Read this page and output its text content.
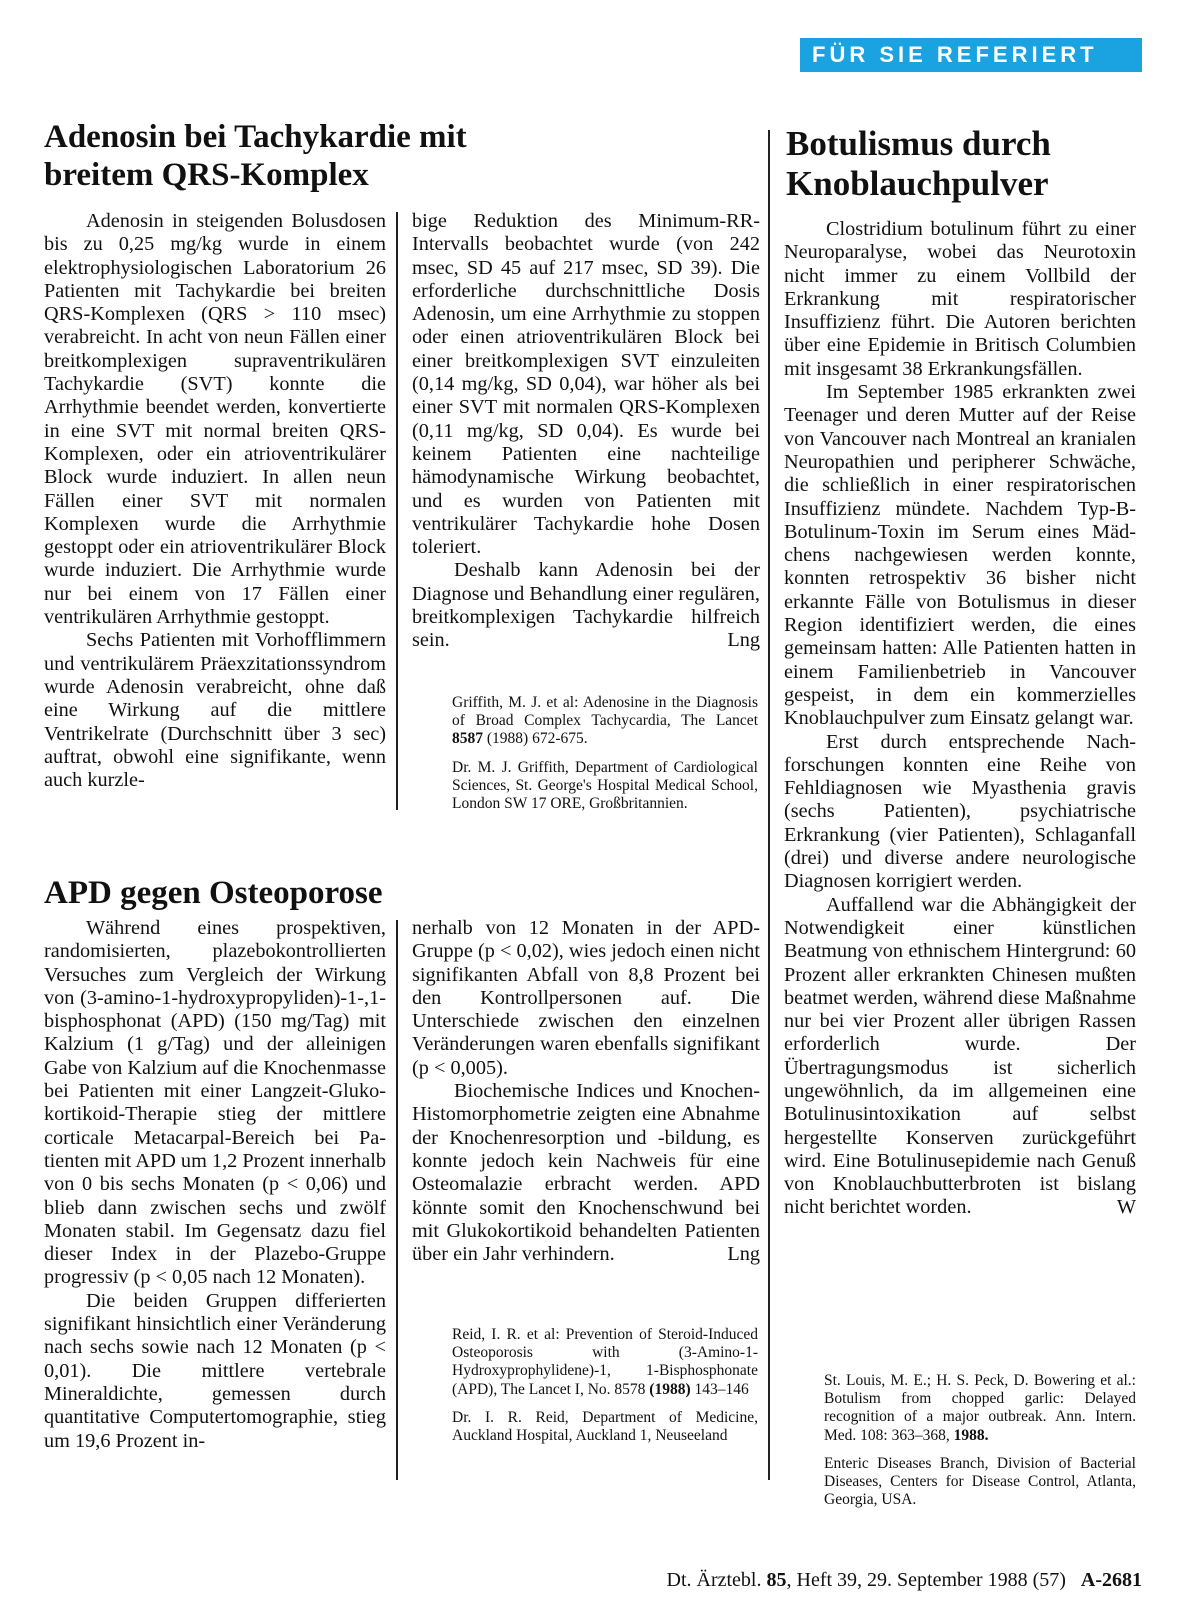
FÜR SIE REFERIERT
Adenosin bei Tachykardie mit
breitem QRS-Komplex

Adenosin in steigenden Bolusdosen bis zu 0,25 mg/kg wurde in einem elektrophysiologischen Laboratorium 26 Patienten mit Tachykardie bei breiten QRS-Komplexen (QRS > 110 msec) verabreicht. In acht von neun Fällen einer breitkomplexigen supraventrikulären Tachykardie (SVT) konnte die Arrhythmie beendet werden, konvertierte in eine SVT mit normal breiten QRS-Komplexen, oder ein atrioventrikulärer Block wurde induziert. In allen neun Fällen einer SVT mit normalen Komplexen wurde die Arrhythmie gestoppt oder ein atrioventrikulärer Block wurde induziert. Die Arrhythmie wurde nur bei einem von 17 Fällen einer ventrikulären Arrhythmie gestoppt.

Sechs Patienten mit Vorhofflimmern und ventrikulärem Präexzitationssyndrom wurde Adenosin verabreicht, ohne daß eine Wirkung auf die mittlere Ventrikelrate (Durchschnitt über 3 sec) auftrat, obwohl eine signifikante, wenn auch kurzle-

bige Reduktion des Minimum-RR-Intervalls beobachtet wurde (von 242 msec, SD 45 auf 217 msec, SD 39). Die erforderliche durchschnittliche Dosis Adenosin, um eine Arrhythmie zu stoppen oder einen atrioventrikulären Block bei einer breitkomplexigen SVT einzuleiten (0,14 mg/kg, SD 0,04), war höher als bei einer SVT mit normalen QRS-Komplexen (0,11 mg/kg, SD 0,04). Es wurde bei keinem Patienten eine nachteilige hämodynamische Wirkung beobachtet, und es wurden von Patienten mit ventrikulärer Tachykardie hohe Dosen toleriert.

Deshalb kann Adenosin bei der Diagnose und Behandlung einer regulären, breitkomplexigen Tachykardie hilfreich sein.	Lng

Griffith, M. J. et al: Adenosine in the Diagnosis of Broad Complex Tachycardia, The Lancet 8587 (1988) 672-675.

Dr. M. J. Griffith, Department of Cardiological Sciences, St. George's Hospital Medical School, London SW 17 ORE, Großbritannien.

APD gegen Osteoporose

Während eines prospektiven, randomisierten, plazebokontrollierten Versuches zum Vergleich der Wirkung von (3-amino-1-hydroxypropyliden)-1-,1-bisphosphonat (APD) (150 mg/Tag) mit Kalzium (1 g/Tag) und der alleinigen Gabe von Kalzium auf die Knochenmasse bei Patienten mit einer Langzeit-Glukokortikoid-Therapie stieg der mittlere corticale Metacarpal-Bereich bei Patienten mit APD um 1,2 Prozent innerhalb von 0 bis sechs Monaten (p < 0,06) und blieb dann zwischen sechs und zwölf Monaten stabil. Im Gegensatz dazu fiel dieser Index in der Plazebo-Gruppe progressiv (p < 0,05 nach 12 Monaten).

Die beiden Gruppen differierten signifikant hinsichtlich einer Veränderung nach sechs sowie nach 12 Monaten (p < 0,01). Die mittlere vertebrale Mineraldichte, gemessen durch quantitative Computertomographie, stieg um 19,6 Prozent in-

nerhalb von 12 Monaten in der APD-Gruppe (p < 0,02), wies jedoch einen nicht signifikanten Abfall von 8,8 Prozent bei den Kontrollpersonen auf. Die Unterschiede zwischen den einzelnen Veränderungen waren ebenfalls signifikant (p < 0,005).

Biochemische Indices und Knochen-Histomorphometrie zeigten eine Abnahme der Knochenresorption und -bildung, es konnte jedoch kein Nachweis für eine Osteomalazie erbracht werden. APD könnte somit den Knochenschwund bei mit Glukokortikoid behandelten Patienten über ein Jahr verhindern.	Lng

Reid, I. R. et al: Prevention of Steroid-Induced Osteoporosis with (3-Amino-1-Hydroxyprophylidene)-1, 1-Bisphosphonate (APD), The Lancet I, No. 8578 (1988) 143–146

Dr. I. R. Reid, Department of Medicine, Auckland Hospital, Auckland 1, Neuseeland

Botulismus durch
Knoblauchpulver

Clostridium botulinum führt zu einer Neuroparalyse, wobei das Neurotoxin nicht immer zu einem Vollbild der Erkrankung mit respiratorischer Insuffizienz führt. Die Autoren berichten über eine Epidemie in Britisch Columbien mit insgesamt 38 Erkrankungsfällen.

Im September 1985 erkrankten zwei Teenager und deren Mutter auf der Reise von Vancouver nach Montreal an kranialen Neuropathien und peripherer Schwäche, die schließlich in einer respiratorischen Insuffizienz mündete. Nachdem Typ-B-Botulinum-Toxin im Serum eines Mädchens nachgewiesen werden konnte, konnten retrospektiv 36 bisher nicht erkannte Fälle von Botulismus in dieser Region identifiziert werden, die eines gemeinsam hatten: Alle Patienten hatten in einem Familienbetrieb in Vancouver gespeist, in dem ein kommerzielles Knoblauchpulver zum Einsatz gelangt war.

Erst durch entsprechende Nachforschungen konnten eine Reihe von Fehldiagnosen wie Myasthenia gravis (sechs Patienten), psychiatrische Erkrankung (vier Patienten), Schlaganfall (drei) und diverse andere neurologische Diagnosen korrigiert werden.

Auffallend war die Abhängigkeit der Notwendigkeit einer künstlichen Beatmung von ethnischem Hintergrund: 60 Prozent aller erkrankten Chinesen mußten beatmet werden, während diese Maßnahme nur bei vier Prozent aller übrigen Rassen erforderlich wurde. Der Übertragungsmodus ist sicherlich ungewöhnlich, da im allgemeinen eine Botulinusintoxikation auf selbst hergestellte Konserven zurückgeführt wird. Eine Botulinusepidemie nach Genuß von Knoblauchbutterbroten ist bislang nicht berichtet worden.	W

St. Louis, M. E.; H. S. Peck, D. Bowering et al.: Botulism from chopped garlic: Delayed recognition of a major outbreak. Ann. Intern. Med. 108: 363–368, 1988.

Enteric Diseases Branch, Division of Bacterial Diseases, Centers for Disease Control, Atlanta, Georgia, USA.

Dt. Ärztebl. 85, Heft 39, 29. September 1988 (57) A-2681
